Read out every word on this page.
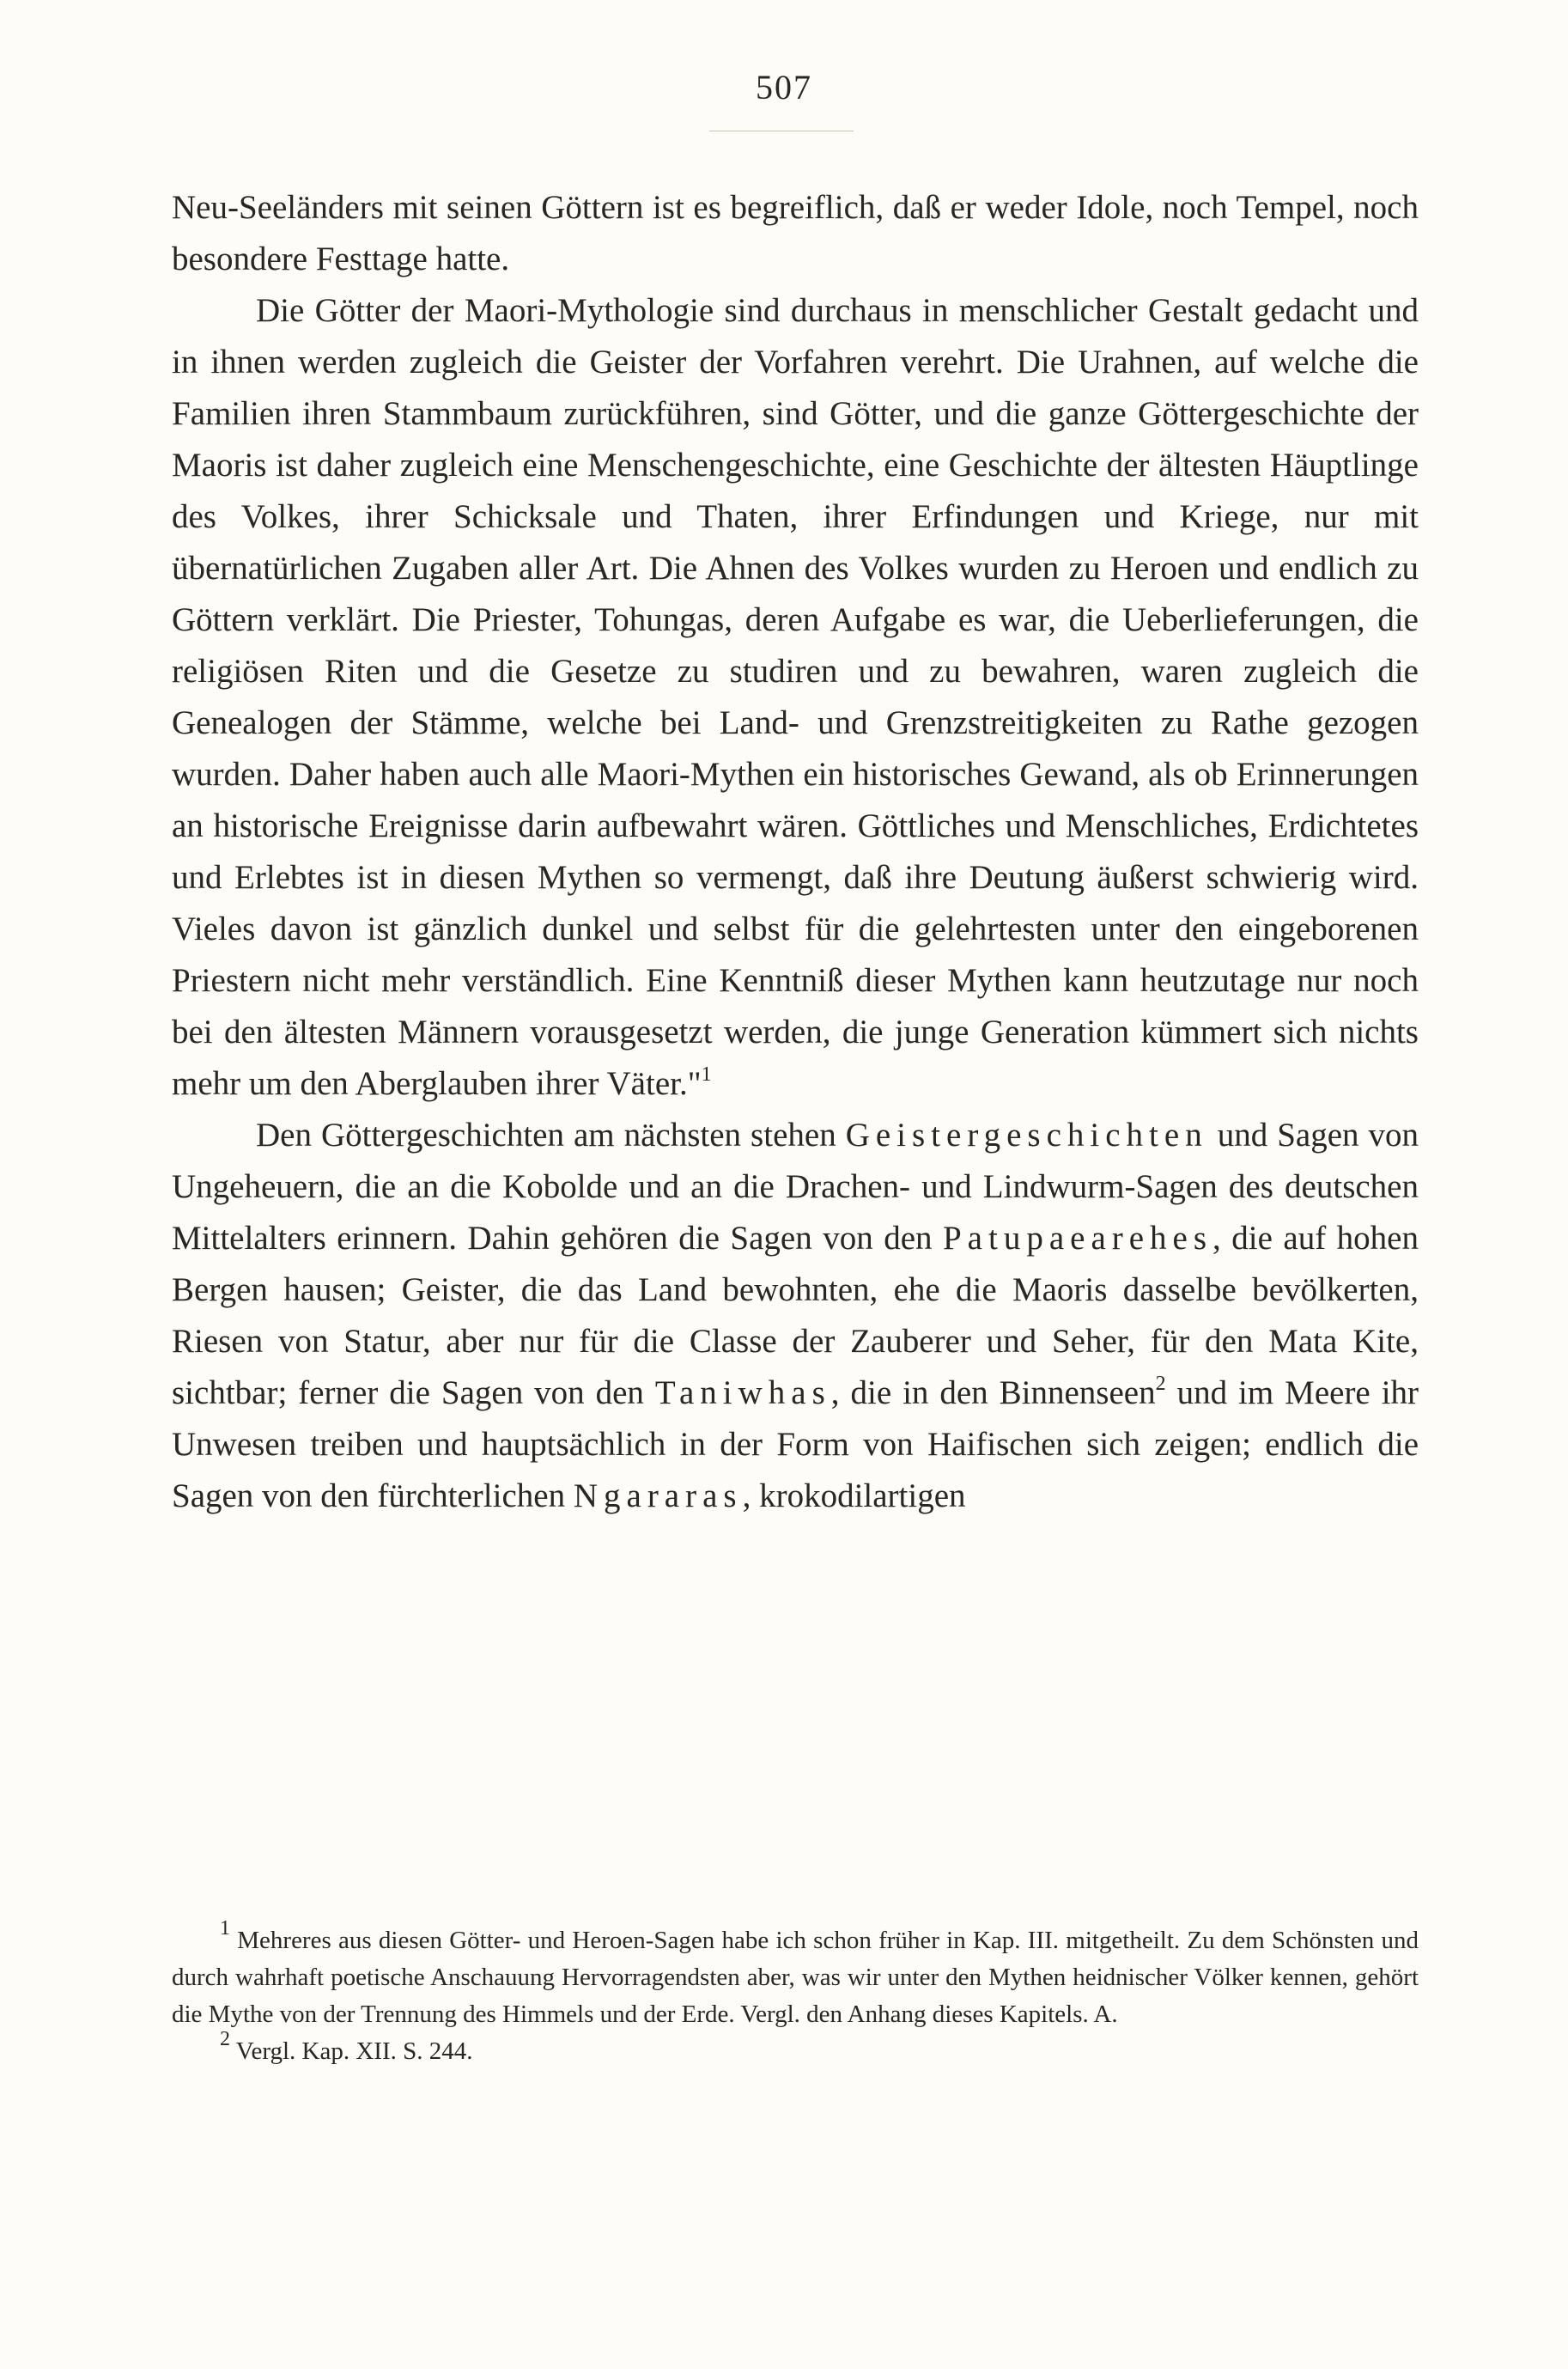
507

Neu-Seeländers mit seinen Göttern ist es begreiflich, daß er weder Idole, noch Tempel, noch besondere Festtage hatte.

Die Götter der Maori-Mythologie sind durchaus in menschlicher Gestalt gedacht und in ihnen werden zugleich die Geister der Vorfahren verehrt. Die Urahnen, auf welche die Familien ihren Stammbaum zurückführen, sind Götter, und die ganze Göttergeschichte der Maoris ist daher zugleich eine Menschengeschichte, eine Geschichte der ältesten Häuptlinge des Volkes, ihrer Schicksale und Thaten, ihrer Erfindungen und Kriege, nur mit übernatürlichen Zugaben aller Art. Die Ahnen des Volkes wurden zu Heroen und endlich zu Göttern verklärt. Die Priester, Tohungas, deren Aufgabe es war, die Ueberlieferungen, die religiösen Riten und die Gesetze zu studiren und zu bewahren, waren zugleich die Genealogen der Stämme, welche bei Land- und Grenzstreitigkeiten zu Rathe gezogen wurden. Daher haben auch alle Maori-Mythen ein historisches Gewand, als ob Erinnerungen an historische Ereignisse darin aufbewahrt wären. Göttliches und Menschliches, Erdichtetes und Erlebtes ist in diesen Mythen so vermengt, daß ihre Deutung äußerst schwierig wird. Vieles davon ist gänzlich dunkel und selbst für die gelehrtesten unter den eingeborenen Priestern nicht mehr verständlich. Eine Kenntniß dieser Mythen kann heutzutage nur noch bei den ältesten Männern vorausgesetzt werden, die junge Generation kümmert sich nichts mehr um den Aberglauben ihrer Väter."$^1$

Den Göttergeschichten am nächsten stehen Geistergeschichten und Sagen von Ungeheuern, die an die Kobolde und an die Drachen- und Lindwurm-Sagen des deutschen Mittelalters erinnern. Dahin gehören die Sagen von den Patupaearehes, die auf hohen Bergen hausen; Geister, die das Land bewohnten, ehe die Maoris dasselbe bevölkerten, Riesen von Statur, aber nur für die Classe der Zauberer und Seher, für den Mata Kite, sichtbar; ferner die Sagen von den Taniwhas, die in den Binnenseen$^2$ und im Meere ihr Unwesen treiben und hauptsächlich in der Form von Haifischen sich zeigen; endlich die Sagen von den fürchterlichen Ngararas, krokodilartigen

$^1$ Mehreres aus diesen Götter- und Heroen-Sagen habe ich schon früher in Kap. III. mitgetheilt. Zu dem Schönsten und durch wahrhaft poetische Anschauung Hervorragendsten aber, was wir unter den Mythen heidnischer Völker kennen, gehört die Mythe von der Trennung des Himmels und der Erde. Vergl. den Anhang dieses Kapitels. A.

$^2$ Vergl. Kap. XII. S. 244.
